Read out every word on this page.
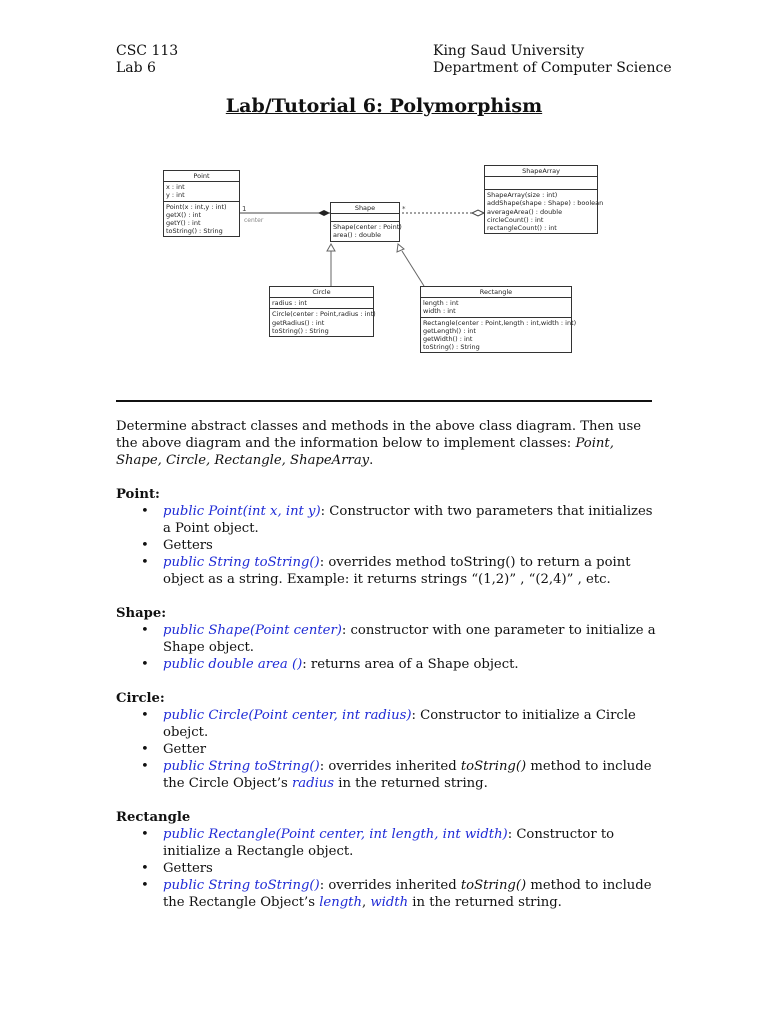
CSC 113
Lab 6
King Saud University
Department of Computer Science
Lab/Tutorial 6: Polymorphism
1
center
*
Point
x : int
y : int
Point(x : int,y : int)
getX() : int
getY() : int
toString() : String
Shape
Shape(center : Point)
area() : double
ShapeArray
ShapeArray(size : int)
addShape(shape : Shape) : boolean
averageArea() : double
circleCount() : int
rectangleCount() : int
Circle
radius : int
Circle(center : Point,radius : int)
getRadius() : int
toString() : String
Rectangle
length : int
width : int
Rectangle(center : Point,length : int,width : int)
getLength() : int
getWidth() : int
toString() : String

Determine abstract classes and methods in the above class diagram. Then use the above diagram and the information below to implement classes: Point, Shape, Circle, Rectangle, ShapeArray.

Point:

• public Point(int x, int y): Constructor with two parameters that initializes a Point object.
• Getters
• public String toString(): overrides method toString() to return a point object as a string. Example: it returns strings “(1,2)” , “(2,4)” , etc.

Shape:

• public Shape(Point center): constructor with one parameter to initialize a Shape object.
• public double area (): returns area of a Shape object.

Circle:

• public Circle(Point center, int radius): Constructor to initialize a Circle obejct.
• Getter
• public String toString(): overrides inherited toString() method to include the Circle Object’s radius in the returned string.

Rectangle

• public Rectangle(Point center, int length, int width): Constructor to initialize a Rectangle object.
• Getters
• public String toString(): overrides inherited toString() method to include the Rectangle Object’s length, width in the returned string.
